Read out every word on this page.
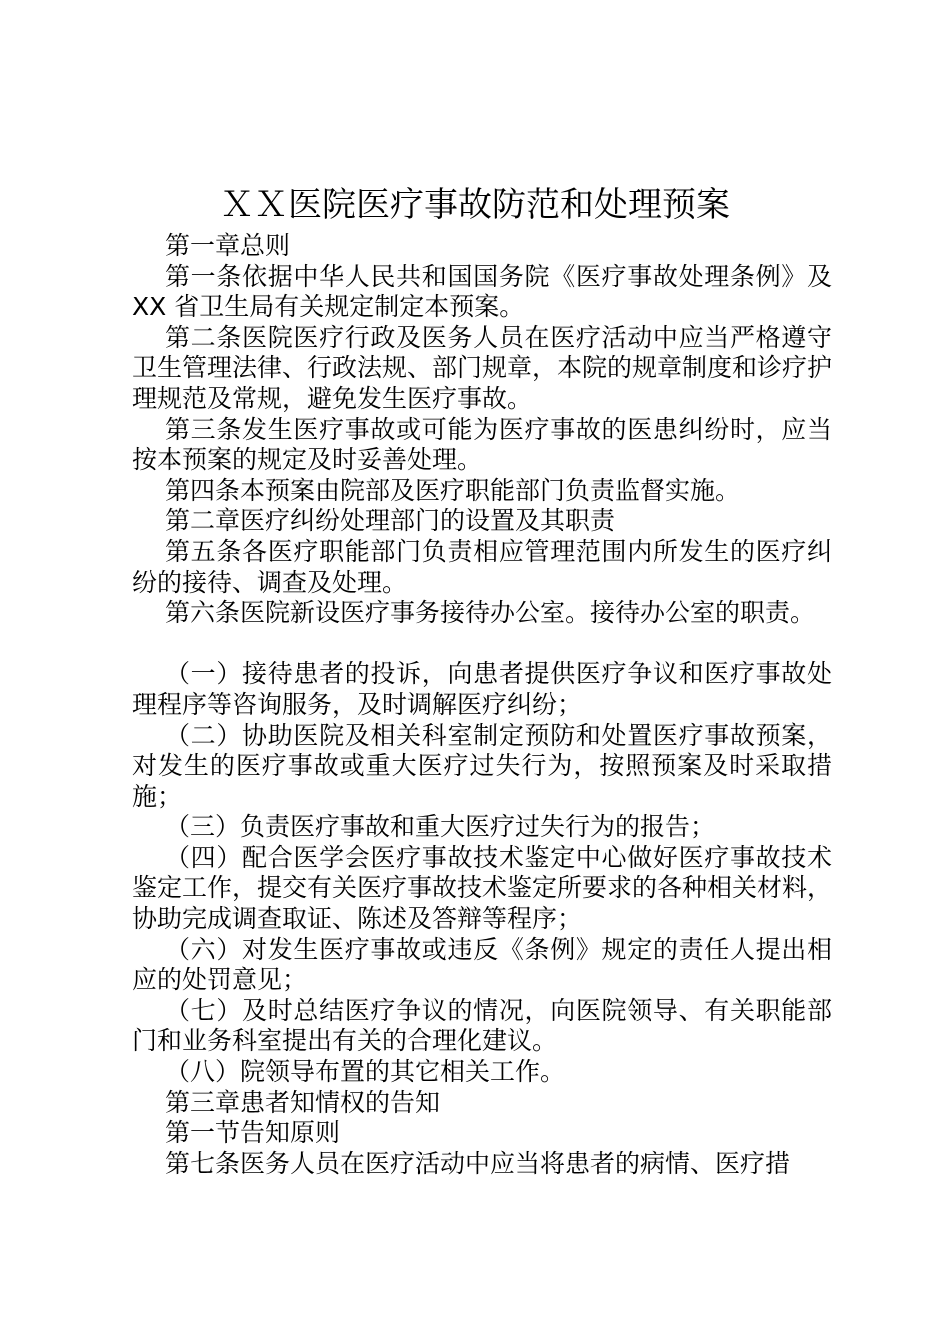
ＸＸ医院医疗事故防范和处理预案

第一章总则

第一条依据中华人民共和国国务院《医疗事故处理条例》及 XX 省卫生局有关规定制定本预案。

第二条医院医疗行政及医务人员在医疗活动中应当严格遵守卫生管理法律、行政法规、部门规章，本院的规章制度和诊疗护理规范及常规，避免发生医疗事故。

第三条发生医疗事故或可能为医疗事故的医患纠纷时，应当按本预案的规定及时妥善处理。

第四条本预案由院部及医疗职能部门负责监督实施。

第二章医疗纠纷处理部门的设置及其职责

第五条各医疗职能部门负责相应管理范围内所发生的医疗纠纷的接待、调查及处理。

第六条医院新设医疗事务接待办公室。接待办公室的职责。

（一）接待患者的投诉，向患者提供医疗争议和医疗事故处理程序等咨询服务，及时调解医疗纠纷；

（二）协助医院及相关科室制定预防和处置医疗事故预案，对发生的医疗事故或重大医疗过失行为，按照预案及时采取措施；

（三）负责医疗事故和重大医疗过失行为的报告；

（四）配合医学会医疗事故技术鉴定中心做好医疗事故技术鉴定工作，提交有关医疗事故技术鉴定所要求的各种相关材料，协助完成调查取证、陈述及答辩等程序；

（六）对发生医疗事故或违反《条例》规定的责任人提出相应的处罚意见；

（七）及时总结医疗争议的情况，向医院领导、有关职能部门和业务科室提出有关的合理化建议。

（八）院领导布置的其它相关工作。

第三章患者知情权的告知

第一节告知原则

第七条医务人员在医疗活动中应当将患者的病情、医疗措
